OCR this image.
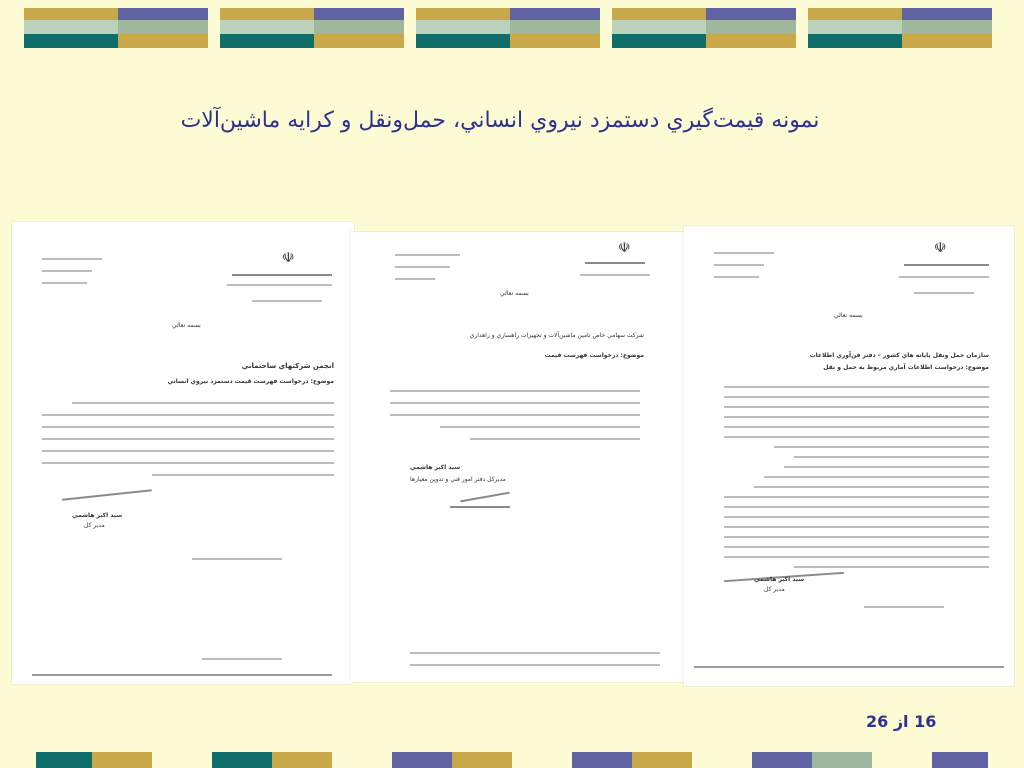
نمونه قيمت‌گيري دستمزد نيروي انساني، حمل‌ونقل و كرايه ماشين‌آلات
☫
بسمه تعالي
انجمن شركتهاي ساختماني
موضوع: درخواست فهرست قيمت دستمزد نيروي انساني
سيد اكبر هاشمي
مدير كل
☫
بسمه تعالي
شركت سهامي خاص تامين ماشين‌آلات و تجهيزات راهسازي و راهداري
موضوع: درخواست فهرست قيمت
سيد اكبر هاشمي
مديركل دفتر امور فني و تدوين معيارها
☫
بسمه تعالي
سازمان حمل ونقل پايانه هاي كشور – دفتر فن‌آوري اطلاعات
موضوع: درخواست اطلاعات آماري مربوط به حمل و نقل
سيد اكبر هاشمي
مدير كل
16 از 26
